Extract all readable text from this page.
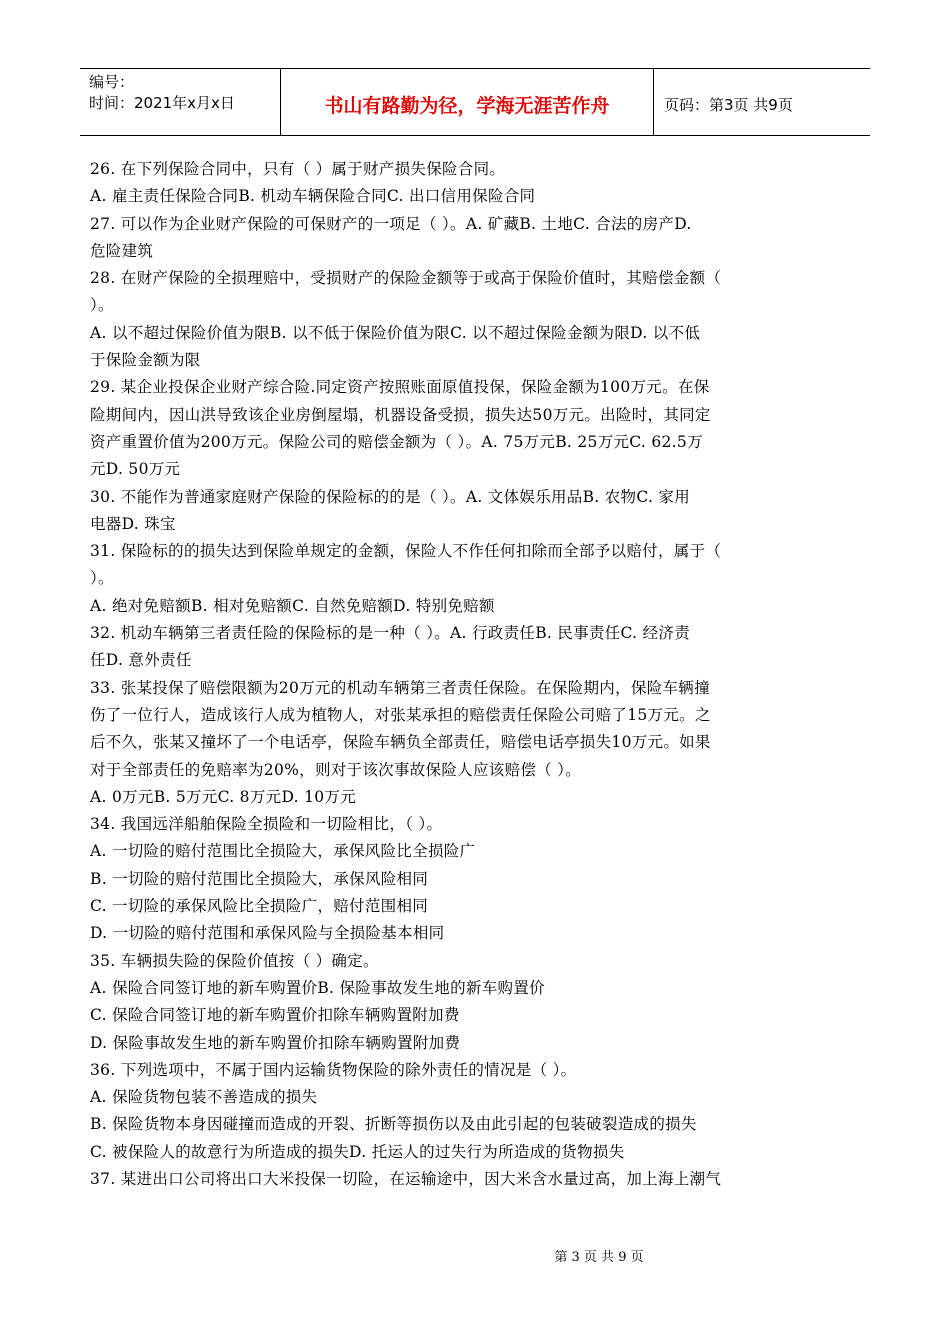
编号：
时间：2021年x月x日	书山有路勤为径，学海无涯苦作舟	页码：第3页 共9页

26. 在下列保险合同中，只有（ ）属于财产损失保险合同。

A. 雇主责任保险合同B. 机动车辆保险合同C. 出口信用保险合同

27. 可以作为企业财产保险的可保财产的一项足（ ）。A. 矿藏B. 土地C. 合法的房产D.

危险建筑

28. 在财产保险的全损理赔中，受损财产的保险金额等于或高于保险价值时，其赔偿金额（

）。

A. 以不超过保险价值为限B. 以不低于保险价值为限C. 以不超过保险金额为限D. 以不低

于保险金额为限

29. 某企业投保企业财产综合险.同定资产按照账面原值投保，保险金额为100万元。在保

险期间内，因山洪导致该企业房倒屋塌，机器设备受损，损失达50万元。出险时，其同定

资产重置价值为200万元。保险公司的赔偿金额为（ ）。A. 75万元B. 25万元C. 62.5万

元D. 50万元

30. 不能作为普通家庭财产保险的保险标的的是（ ）。A. 文体娱乐用品B. 农物C. 家用

电器D. 珠宝

31. 保险标的的损失达到保险单规定的金额，保险人不作任何扣除而全部予以赔付，属于（

）。

A. 绝对免赔额B. 相对免赔额C. 自然免赔额D. 特别免赔额

32. 机动车辆第三者责任险的保险标的是一种（ ）。A. 行政责任B. 民事责任C. 经济责

任D. 意外责任

33. 张某投保了赔偿限额为20万元的机动车辆第三者责任保险。在保险期内，保险车辆撞

伤了一位行人，造成该行人成为植物人，对张某承担的赔偿责任保险公司赔了15万元。之

后不久，张某又撞坏了一个电话亭，保险车辆负全部责任，赔偿电话亭损失10万元。如果

对于全部责任的免赔率为20%，则对于该次事故保险人应该赔偿（ ）。

A. 0万元B. 5万元C. 8万元D. 10万元

34. 我国远洋船舶保险全损险和一切险相比，（ ）。

A. 一切险的赔付范围比全损险大，承保风险比全损险广

B. 一切险的赔付范围比全损险大，承保风险相同

C. 一切险的承保风险比全损险广，赔付范围相同

D. 一切险的赔付范围和承保风险与全损险基本相同

35. 车辆损失险的保险价值按（ ）确定。

A. 保险合同签订地的新车购置价B. 保险事故发生地的新车购置价

C. 保险合同签订地的新车购置价扣除车辆购置附加费

D. 保险事故发生地的新车购置价扣除车辆购置附加费

36. 下列选项中，不属于国内运输货物保险的除外责任的情况是（ ）。

A. 保险货物包装不善造成的损失

B. 保险货物本身因碰撞而造成的开裂、折断等损伤以及由此引起的包装破裂造成的损失

C. 被保险人的故意行为所造成的损失D. 托运人的过失行为所造成的货物损失

37. 某进出口公司将出口大米投保一切险，在运输途中，因大米含水量过高，加上海上潮气

第 3 页 共 9 页
